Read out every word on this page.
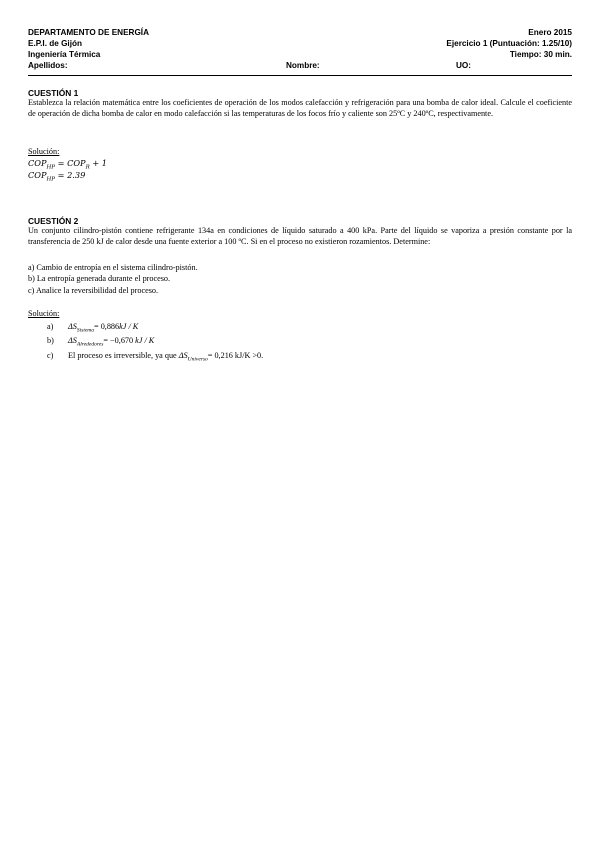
DEPARTAMENTO DE ENERGÍA	Enero 2015
E.P.I. de Gijón	Ejercicio 1 (Puntuación: 1.25/10)
Ingeniería Térmica	Tiempo: 30 min.
Apellidos:	Nombre:	UO:
CUESTIÓN 1
Establezca la relación matemática entre los coeficientes de operación de los modos calefacción y refrigeración para una bomba de calor ideal. Calcule el coeficiente de operación de dicha bomba de calor en modo calefacción si las temperaturas de los focos frío y caliente son 25ºC y 240ºC, respectivamente.
Solución:
$COP_{HP} = COP_R + 1$
$COP_{HP} = 2.39$
CUESTIÓN 2
Un conjunto cilindro-pistón contiene refrigerante 134a en condiciones de líquido saturado a 400 kPa. Parte del líquido se vaporiza a presión constante por la transferencia de 250 kJ de calor desde una fuente exterior a 100 ºC. Si en el proceso no existieron rozamientos. Determine:
a) Cambio de entropía en el sistema cilindro-pistón.
b) La entropía generada durante el proceso.
c) Analice la reversibilidad del proceso.
Solución:
a) $\Delta S_{Sistema}= 0,886kJ / K$
b) $\Delta S_{Alrededores}= -0,670$ kJ / K
c) El proceso es irreversible, ya que $\Delta S_{Universo}= 0,216$ kJ/K >0.
